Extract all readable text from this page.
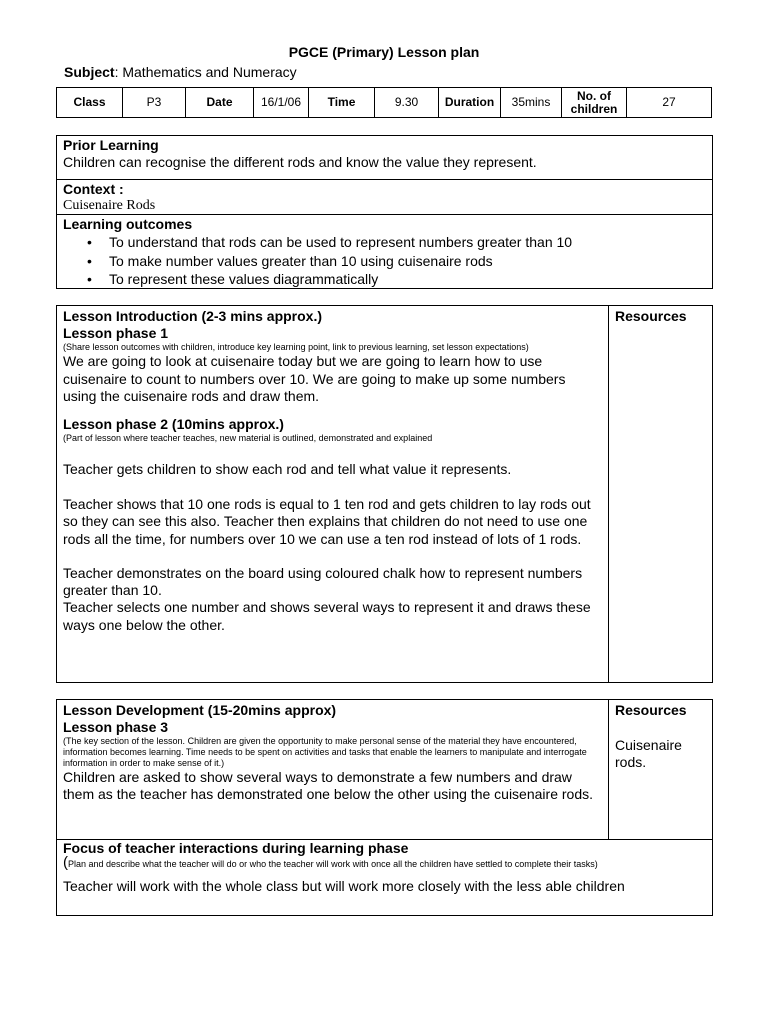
PGCE (Primary) Lesson plan
Subject: Mathematics and Numeracy
Class	P3	Date	16/1/06	Time	9.30	Duration	35mins	No. of
children	27
Prior Learning
Children can recognise the different rods and know the value they represent.
Context :
Cuisenaire Rods
Learning outcomes
• To understand that rods can be used to represent numbers greater than 10
• To make number values greater than 10 using cuisenaire rods
• To represent these values diagrammatically
Lesson Introduction (2-3 mins approx.)
Lesson phase 1
(Share lesson outcomes with children, introduce key learning point, link to previous learning, set lesson expectations)
We are going to look at cuisenaire today but we are going to learn how to use cuisenaire to count to numbers over 10. We are going to make up some numbers using the cuisenaire rods and draw them.
Lesson phase 2 (10mins approx.)
(Part of lesson where teacher teaches, new material is outlined, demonstrated and explained
Teacher gets children to show each rod and tell what value it represents.
Teacher shows that 10 one rods is equal to 1 ten rod and gets children to lay rods out so they can see this also. Teacher then explains that children do not need to use one rods all the time, for numbers over 10 we can use a ten rod instead of lots of 1 rods.
Teacher demonstrates on the board using coloured chalk how to represent numbers greater than 10.
Teacher selects one number and shows several ways to represent it and draws these ways one below the other.
Resources
Lesson Development (15-20mins approx)
Lesson phase 3
(The key section of the lesson. Children are given the opportunity to make personal sense of the material they have encountered, information becomes learning. Time needs to be spent on activities and tasks that enable the learners to manipulate and interrogate information in order to make sense of it.)
Children are asked to show several ways to demonstrate a few numbers and draw them as the teacher has demonstrated one below the other using the cuisenaire rods.
Resources
Cuisenaire rods.
Focus of teacher interactions during learning phase
(Plan and describe what the teacher will do or who the teacher will work with once all the children have settled to complete their tasks)
Teacher will work with the whole class but will work more closely with the less able children
